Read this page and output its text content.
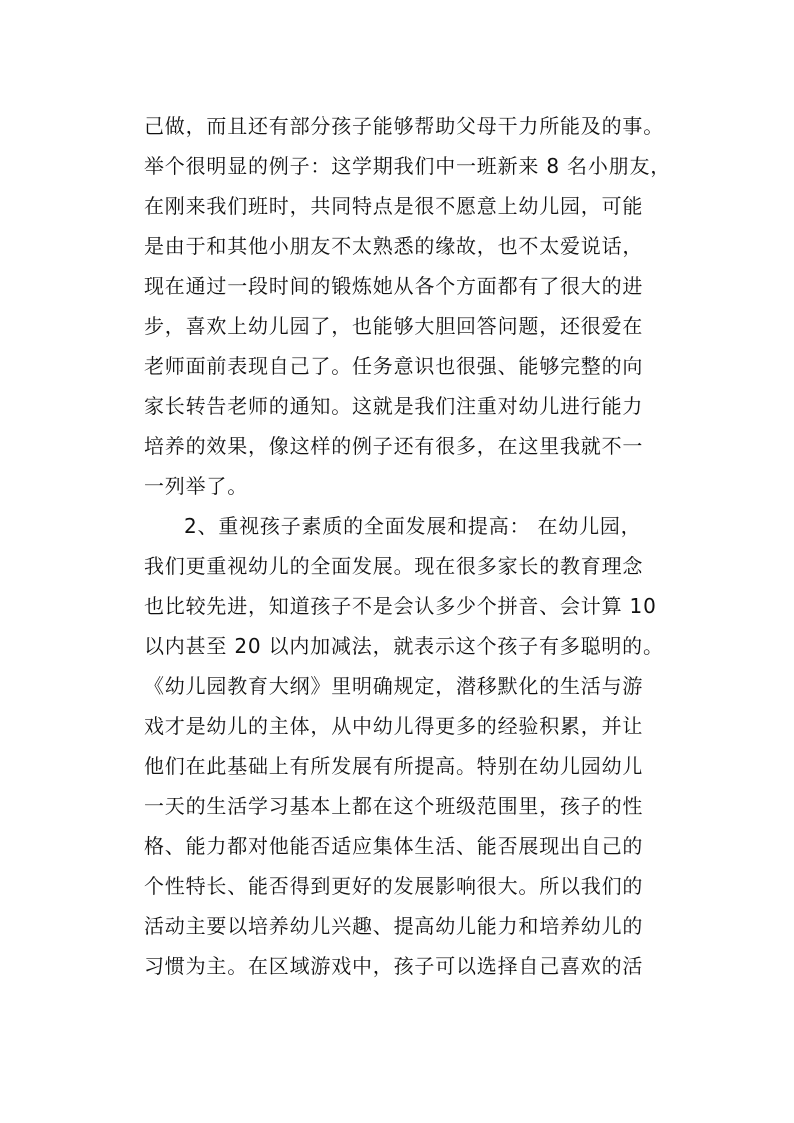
己做，而且还有部分孩子能够帮助父母干力所能及的事。
举个很明显的例子：这学期我们中一班新来 8 名小朋友，
在刚来我们班时，共同特点是很不愿意上幼儿园，可能
是由于和其他小朋友不太熟悉的缘故，也不太爱说话，
现在通过一段时间的锻炼她从各个方面都有了很大的进
步，喜欢上幼儿园了，也能够大胆回答问题，还很爱在
老师面前表现自己了。任务意识也很强、能够完整的向
家长转告老师的通知。这就是我们注重对幼儿进行能力
培养的效果，像这样的例子还有很多，在这里我就不一
一列举了。
2、重视孩子素质的全面发展和提高： 在幼儿园，
我们更重视幼儿的全面发展。现在很多家长的教育理念
也比较先进，知道孩子不是会认多少个拼音、会计算 10
以内甚至 20 以内加减法，就表示这个孩子有多聪明的。
《幼儿园教育大纲》里明确规定，潜移默化的生活与游
戏才是幼儿的主体，从中幼儿得更多的经验积累，并让
他们在此基础上有所发展有所提高。特别在幼儿园幼儿
一天的生活学习基本上都在这个班级范围里，孩子的性
格、能力都对他能否适应集体生活、能否展现出自己的
个性特长、能否得到更好的发展影响很大。所以我们的
活动主要以培养幼儿兴趣、提高幼儿能力和培养幼儿的
习惯为主。在区域游戏中，孩子可以选择自己喜欢的活
